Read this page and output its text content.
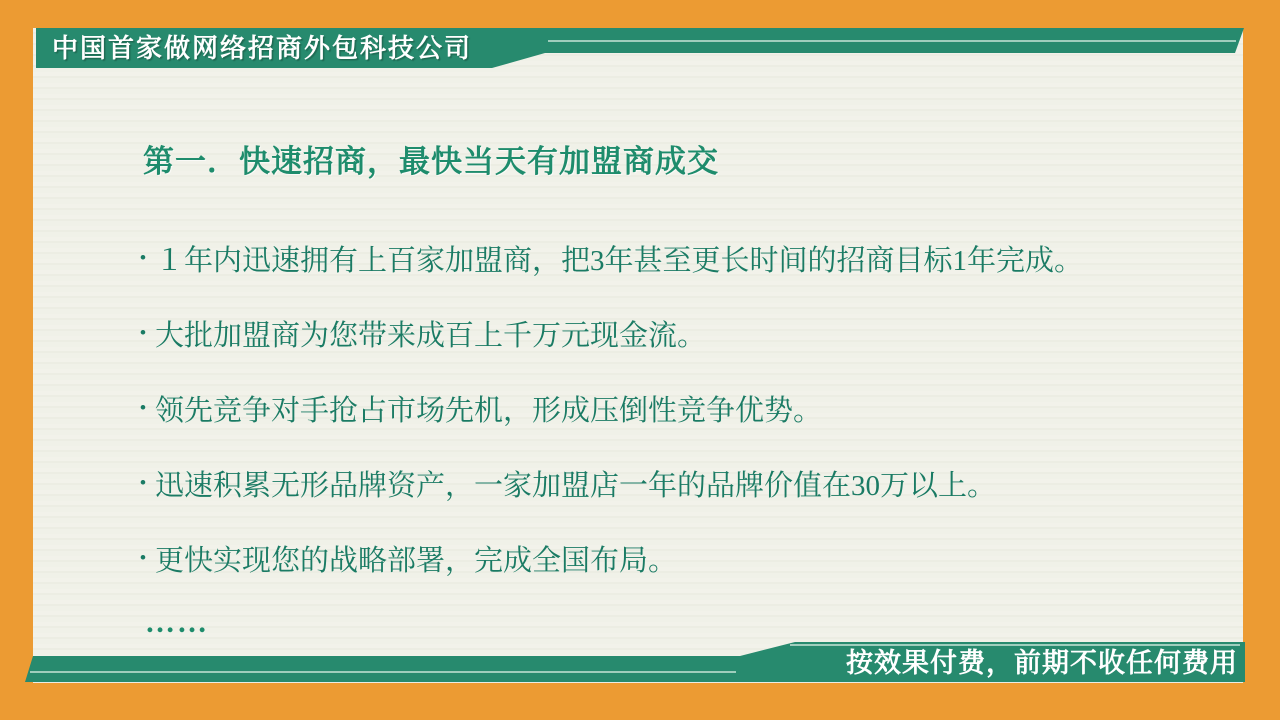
中国首家做网络招商外包科技公司
第一．快速招商，最快当天有加盟商成交
• １年内迅速拥有上百家加盟商，把3年甚至更长时间的招商目标1年完成。
• 大批加盟商为您带来成百上千万元现金流。
• 领先竞争对手抢占市场先机，形成压倒性竞争优势。
• 迅速积累无形品牌资产，一家加盟店一年的品牌价值在30万以上。
• 更快实现您的战略部署，完成全国布局。
……
按效果付费，前期不收任何费用
